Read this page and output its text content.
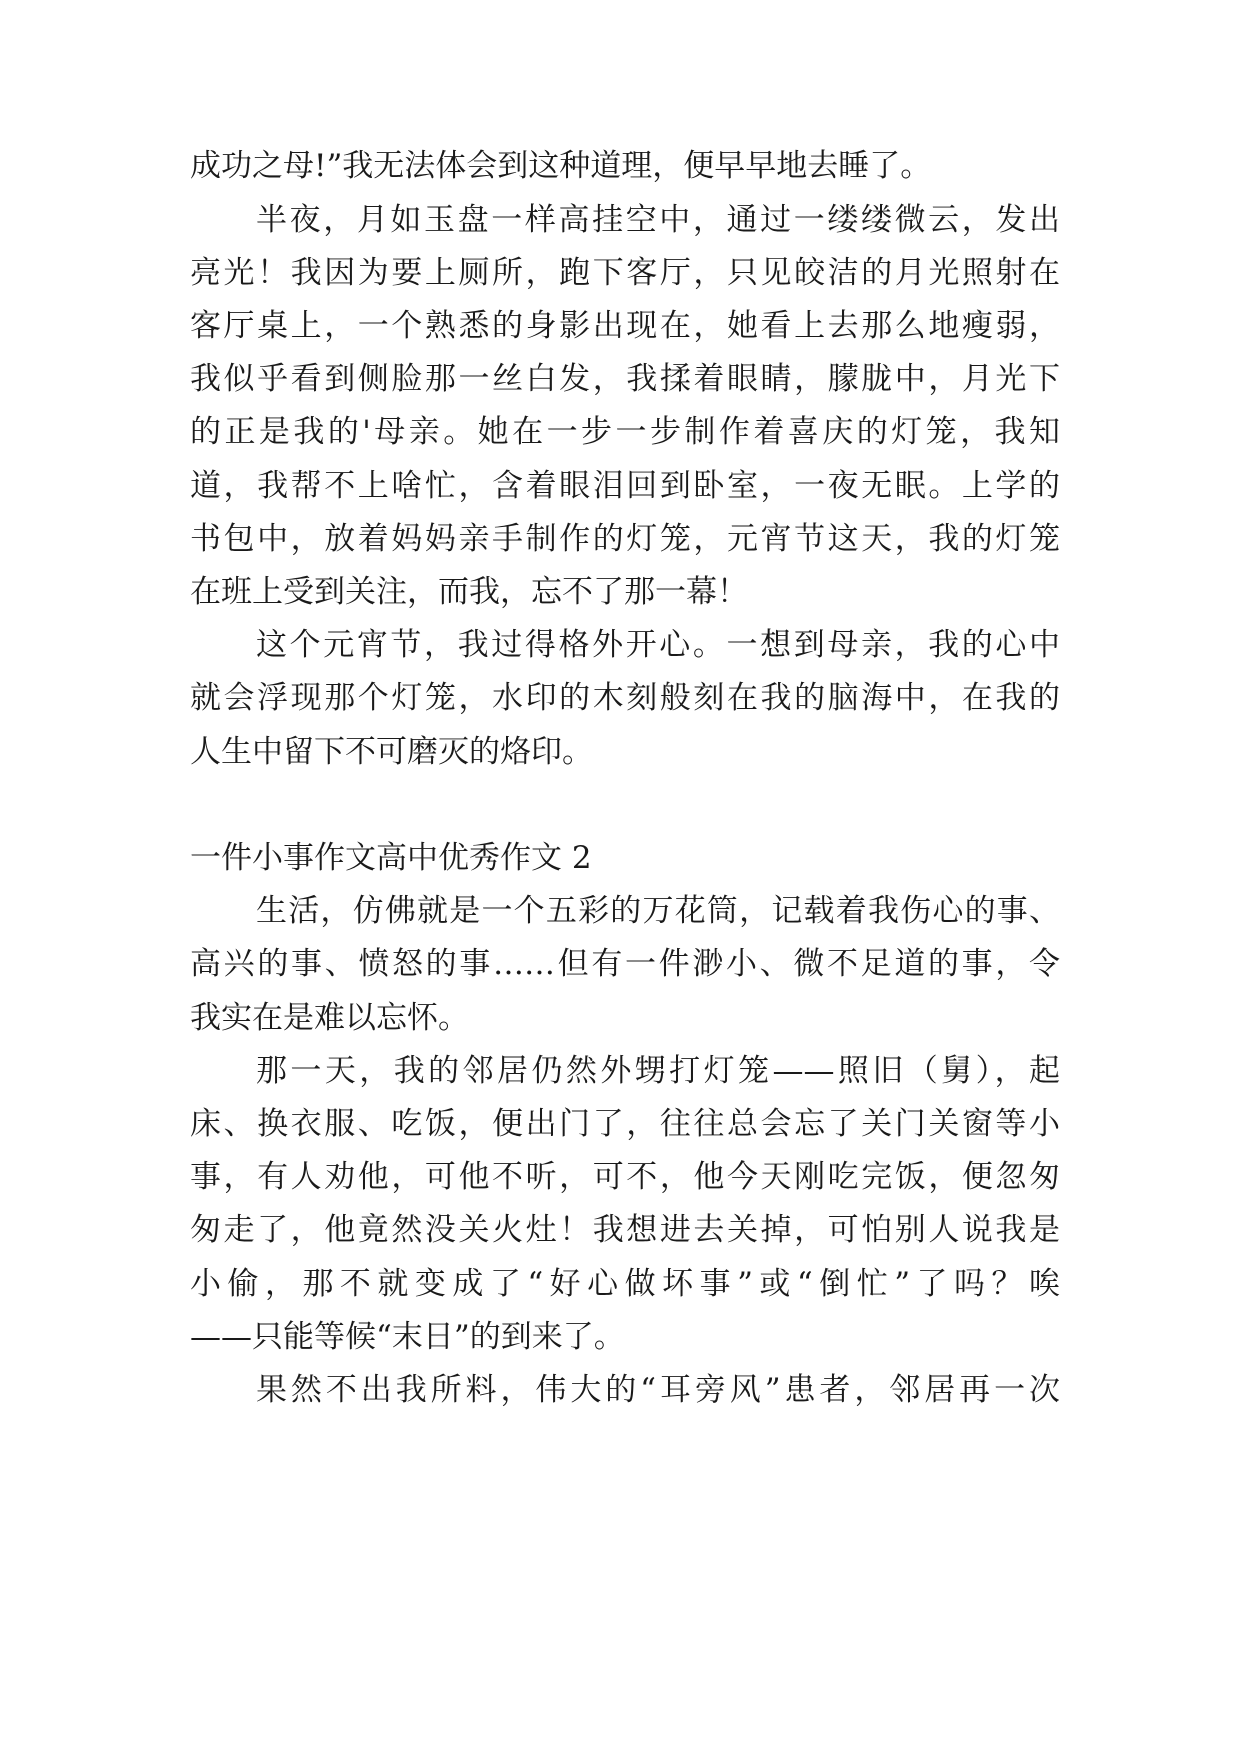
成功之母!”我无法体会到这种道理，便早早地去睡了。
半夜，月如玉盘一样高挂空中，通过一缕缕微云，发出
亮光！我因为要上厕所，跑下客厅，只见皎洁的月光照射在
客厅桌上，一个熟悉的身影出现在，她看上去那么地瘦弱，
我似乎看到侧脸那一丝白发，我揉着眼睛，朦胧中，月光下
的正是我的'母亲。她在一步一步制作着喜庆的灯笼，我知
道，我帮不上啥忙，含着眼泪回到卧室，一夜无眠。上学的
书包中，放着妈妈亲手制作的灯笼，元宵节这天，我的灯笼
在班上受到关注，而我，忘不了那一幕！
这个元宵节，我过得格外开心。一想到母亲，我的心中
就会浮现那个灯笼，水印的木刻般刻在我的脑海中，在我的
人生中留下不可磨灭的烙印。
一件小事作文高中优秀作文 2
生活，仿佛就是一个五彩的万花筒，记载着我伤心的事、
高兴的事、愤怒的事……但有一件渺小、微不足道的事，令
我实在是难以忘怀。
那一天，我的邻居仍然外甥打灯笼——照旧（舅），起
床、换衣服、吃饭，便出门了，往往总会忘了关门关窗等小
事，有人劝他，可他不听，可不，他今天刚吃完饭，便忽匆
匆走了，他竟然没关火灶！我想进去关掉，可怕别人说我是
小偷，那不就变成了“好心做坏事”或“倒忙”了吗？唉
——只能等候“末日”的到来了。
果然不出我所料，伟大的“耳旁风”患者，邻居再一次
